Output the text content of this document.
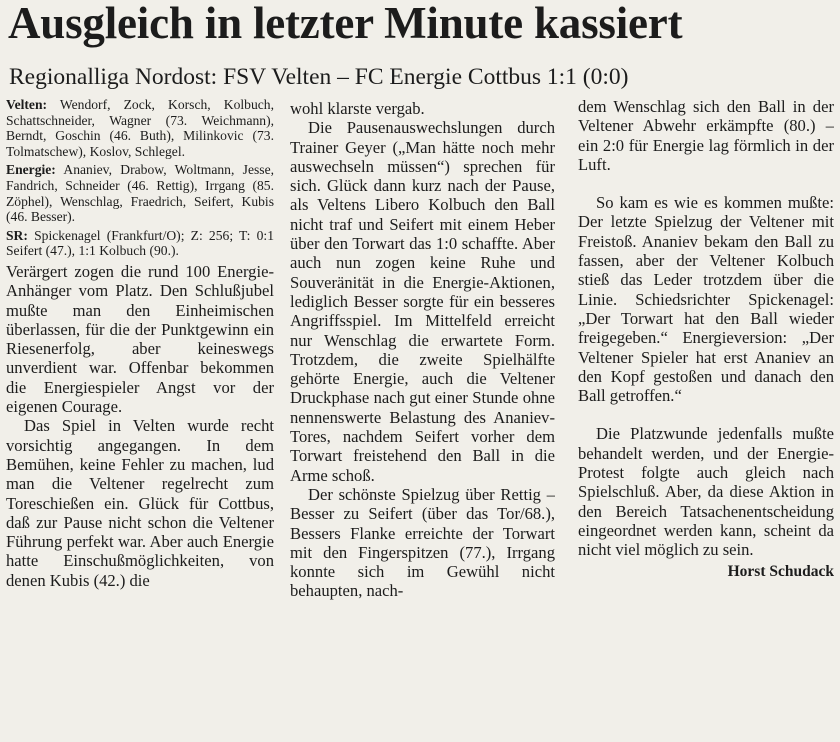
Ausgleich in letzter Minute kassiert
Regionalliga Nordost: FSV Velten – FC Energie Cottbus 1:1 (0:0)

Velten: Wendorf, Zock, Korsch, Kolbuch, Schattschneider, Wagner (73. Weichmann), Berndt, Goschin (46. Buth), Milinkovic (73. Tolmatschew), Koslov, Schlegel.

Energie: Ananiev, Drabow, Woltmann, Jesse, Fandrich, Schneider (46. Rettig), Irrgang (85. Zöphel), Wenschlag, Fraedrich, Seifert, Kubis (46. Besser).

SR: Spickenagel (Frankfurt/O); Z: 256; T: 0:1 Seifert (47.), 1:1 Kolbuch (90.).

Verärgert zogen die rund 100 Energie-Anhänger vom Platz. Den Schlußjubel mußte man den Einheimischen überlassen, für die der Punktgewinn ein Riesenerfolg, aber keineswegs unverdient war. Offenbar bekommen die Energiespieler Angst vor der eigenen Courage.

Das Spiel in Velten wurde recht vorsichtig angegangen. In dem Bemühen, keine Fehler zu machen, lud man die Veltener regelrecht zum Toreschießen ein. Glück für Cottbus, daß zur Pause nicht schon die Veltener Führung perfekt war. Aber auch Energie hatte Einschußmöglichkeiten, von denen Kubis (42.) die

wohl klarste vergab.

Die Pausenauswechslungen durch Trainer Geyer („Man hätte noch mehr auswechseln müssen“) sprechen für sich. Glück dann kurz nach der Pause, als Veltens Libero Kolbuch den Ball nicht traf und Seifert mit einem Heber über den Torwart das 1:0 schaffte. Aber auch nun zogen keine Ruhe und Souveränität in die Energie-Aktionen, lediglich Besser sorgte für ein besseres Angriffsspiel. Im Mittelfeld erreicht nur Wenschlag die erwartete Form. Trotzdem, die zweite Spielhälfte gehörte Energie, auch die Veltener Druckphase nach gut einer Stunde ohne nennenswerte Belastung des Ananiev-Tores, nachdem Seifert vorher dem Torwart freistehend den Ball in die Arme schoß.

Der schönste Spielzug über Rettig – Besser zu Seifert (über das Tor/68.), Bessers Flanke erreichte der Torwart mit den Fingerspitzen (77.), Irrgang konnte sich im Gewühl nicht behaupten, nach-

dem Wenschlag sich den Ball in der Veltener Abwehr erkämpfte (80.) – ein 2:0 für Energie lag förmlich in der Luft.

So kam es wie es kommen mußte: Der letzte Spielzug der Veltener mit Freistoß. Ananiev bekam den Ball zu fassen, aber der Veltener Kolbuch stieß das Leder trotzdem über die Linie. Schiedsrichter Spickenagel: „Der Torwart hat den Ball wieder freigegeben.“ Energieversion: „Der Veltener Spieler hat erst Ananiev an den Kopf gestoßen und danach den Ball getroffen.“

Die Platzwunde jedenfalls mußte behandelt werden, und der Energie-Protest folgte auch gleich nach Spielschluß. Aber, da diese Aktion in den Bereich Tatsachenentscheidung eingeordnet werden kann, scheint da nicht viel möglich zu sein.

Horst Schudack
